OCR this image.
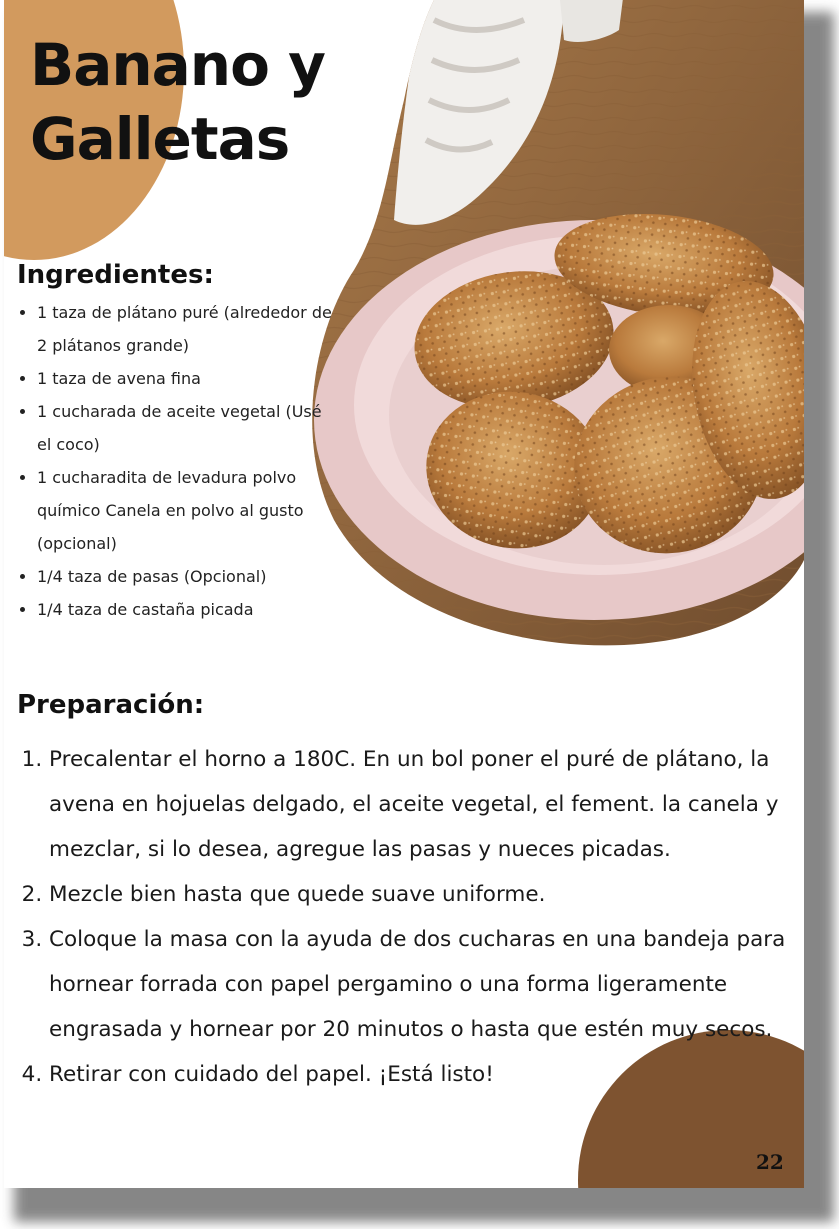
Banano y
Galletas
Ingredientes:
• 1 taza de plátano puré (alrededor de 2 plátanos grande)
• 1 taza de avena fina
• 1 cucharada de aceite vegetal (Usé el coco)
• 1 cucharadita de levadura polvo químico Canela en polvo al gusto (opcional)
• 1/4 taza de pasas (Opcional)
• 1/4 taza de castaña picada
Preparación:
1. Precalentar el horno a 180C. En un bol poner el puré de plátano, la avena en hojuelas delgado, el aceite vegetal, el fement. la canela y mezclar, si lo desea, agregue las pasas y nueces picadas.
2. Mezcle bien hasta que quede suave uniforme.
3. Coloque la masa con la ayuda de dos cucharas en una bandeja para hornear forrada con papel pergamino o una forma ligeramente engrasada y hornear por 20 minutos o hasta que estén muy secos.
4. Retirar con cuidado del papel. ¡Está listo!
22
